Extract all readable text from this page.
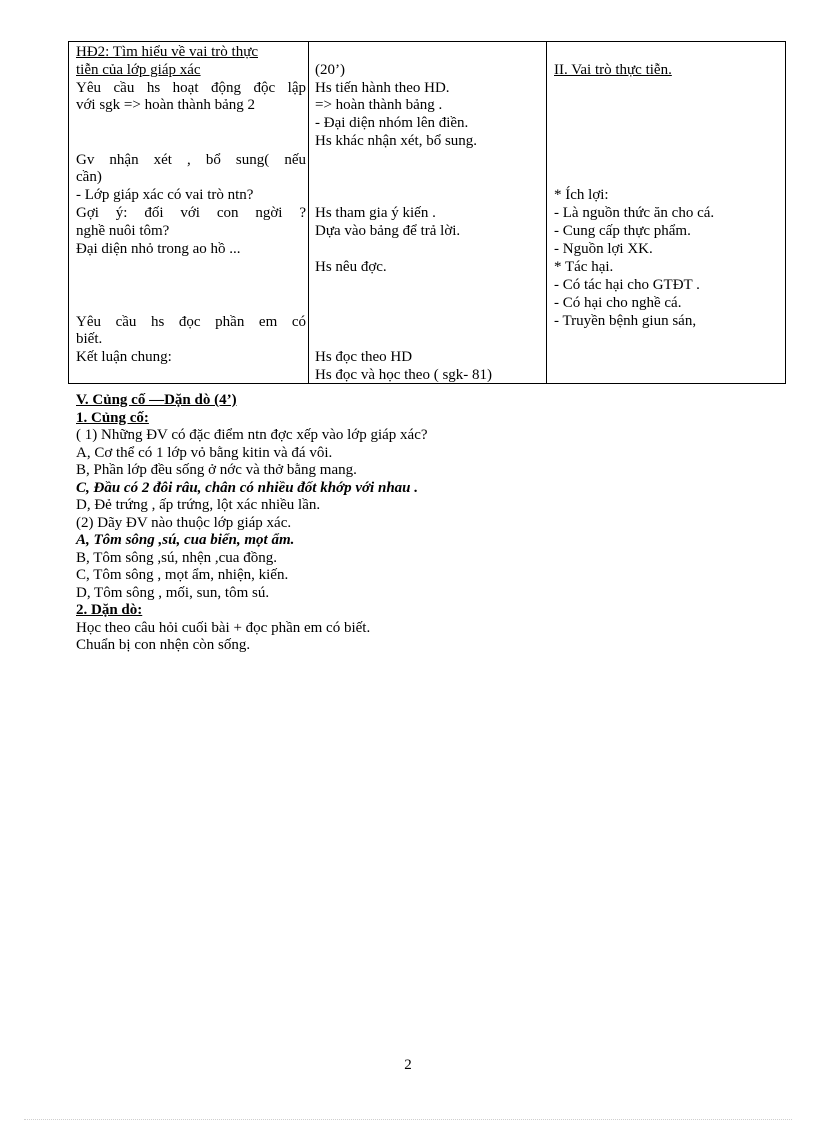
HĐ2: Tìm hiểu về vai trò thực
tiễn của lớp giáp xác
Yêu cầu hs hoạt động độc lập
với sgk => hoàn thành bảng 2
Gv nhận xét , bổ sung( nếu
cần)
- Lớp giáp xác có vai trò ntn?
Gợi ý: đối với con ngời ?
nghề nuôi tôm?
Đại diện nhỏ trong ao hồ ...
Yêu cầu hs đọc phần em có
biết.
Kết luận chung:
(20’)
Hs tiến hành theo HD.
=> hoàn thành bảng .
- Đại diện nhóm lên điền.
Hs khác nhận xét, bổ sung.
Hs tham gia ý kiến .
Dựa vào bảng để trả lời.
Hs nêu đợc.
Hs đọc theo HD
Hs đọc và học theo ( sgk- 81)
II. Vai trò thực tiễn.
* Ích lợi:
- Là nguồn thức ăn cho cá.
- Cung cấp thực phẩm.
- Nguồn lợi XK.
* Tác hại.
- Có tác hại cho GTĐT .
- Có hại cho nghề cá.
- Truyền bệnh giun sán,
V. Củng cố —Dặn dò (4’)
1. Củng cố:
( 1) Những ĐV có đặc điểm ntn đợc xếp vào lớp giáp xác?
A, Cơ thể có 1 lớp vỏ bằng kitin và đá vôi.
B, Phần lớp đều sống ở nớc và thở bằng mang.
C, Đầu có 2 đôi râu, chân có nhiều đốt khớp với nhau .
D, Đẻ trứng , ấp trứng, lột xác nhiều lần.
(2) Dãy ĐV nào thuộc lớp giáp xác.
A, Tôm sông ,sú, cua biển, mọt ẩm.
B, Tôm sông ,sú, nhện ,cua đồng.
C, Tôm sông , mọt ẩm, nhiện, kiến.
D, Tôm sông , mối, sun, tôm sú.
2. Dặn dò:
Học theo câu hỏi cuối bài + đọc phần em có biết.
Chuẩn bị con nhện còn sống.
2
